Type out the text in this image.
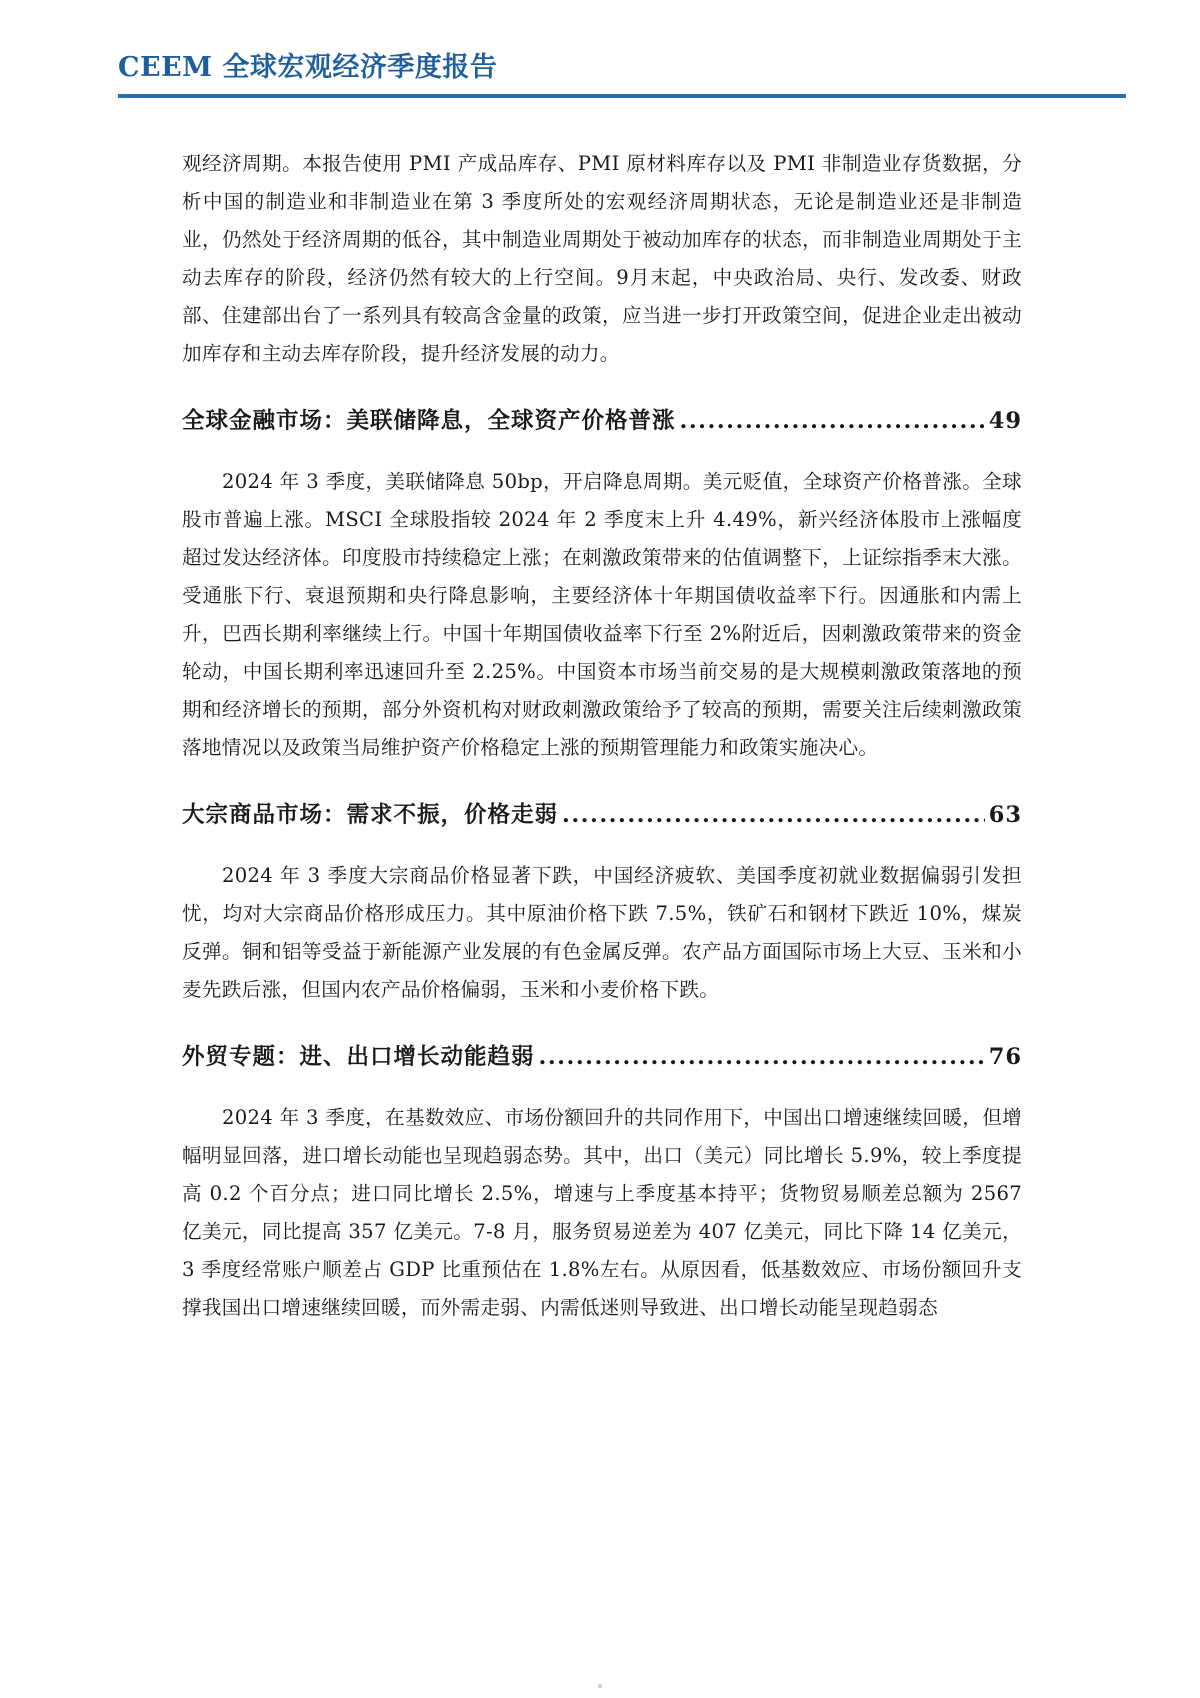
CEEM 全球宏观经济季度报告

观经济周期。本报告使用 PMI 产成品库存、PMI 原材料库存以及 PMI 非制造业存货数据，分析中国的制造业和非制造业在第 3 季度所处的宏观经济周期状态，无论是制造业还是非制造业，仍然处于经济周期的低谷，其中制造业周期处于被动加库存的状态，而非制造业周期处于主动去库存的阶段，经济仍然有较大的上行空间。9月末起，中央政治局、央行、发改委、财政部、住建部出台了一系列具有较高含金量的政策，应当进一步打开政策空间，促进企业走出被动加库存和主动去库存阶段，提升经济发展的动力。

全球金融市场：美联储降息，全球资产价格普涨 .....	49

2024 年 3 季度，美联储降息 50bp，开启降息周期。美元贬值，全球资产价格普涨。全球股市普遍上涨。MSCI 全球股指较 2024 年 2 季度末上升 4.49%，新兴经济体股市上涨幅度超过发达经济体。印度股市持续稳定上涨；在刺激政策带来的估值调整下，上证综指季末大涨。受通胀下行、衰退预期和央行降息影响，主要经济体十年期国债收益率下行。因通胀和内需上升，巴西长期利率继续上行。中国十年期国债收益率下行至 2%附近后，因刺激政策带来的资金轮动，中国长期利率迅速回升至 2.25%。中国资本市场当前交易的是大规模刺激政策落地的预期和经济增长的预期，部分外资机构对财政刺激政策给予了较高的预期，需要关注后续刺激政策落地情况以及政策当局维护资产价格稳定上涨的预期管理能力和政策实施决心。

大宗商品市场：需求不振，价格走弱 .....	63

2024 年 3 季度大宗商品价格显著下跌，中国经济疲软、美国季度初就业数据偏弱引发担忧，均对大宗商品价格形成压力。其中原油价格下跌 7.5%，铁矿石和钢材下跌近 10%，煤炭反弹。铜和铝等受益于新能源产业发展的有色金属反弹。农产品方面国际市场上大豆、玉米和小麦先跌后涨，但国内农产品价格偏弱，玉米和小麦价格下跌。

外贸专题：进、出口增长动能趋弱 .....	76

2024 年 3 季度，在基数效应、市场份额回升的共同作用下，中国出口增速继续回暖，但增幅明显回落，进口增长动能也呈现趋弱态势。其中，出口（美元）同比增长 5.9%，较上季度提高 0.2 个百分点；进口同比增长 2.5%，增速与上季度基本持平；货物贸易顺差总额为 2567 亿美元，同比提高 357 亿美元。7-8 月，服务贸易逆差为 407 亿美元，同比下降 14 亿美元，3 季度经常账户顺差占 GDP 比重预估在 1.8%左右。从原因看，低基数效应、市场份额回升支撑我国出口增速继续回暖，而外需走弱、内需低迷则导致进、出口增长动能呈现趋弱态
